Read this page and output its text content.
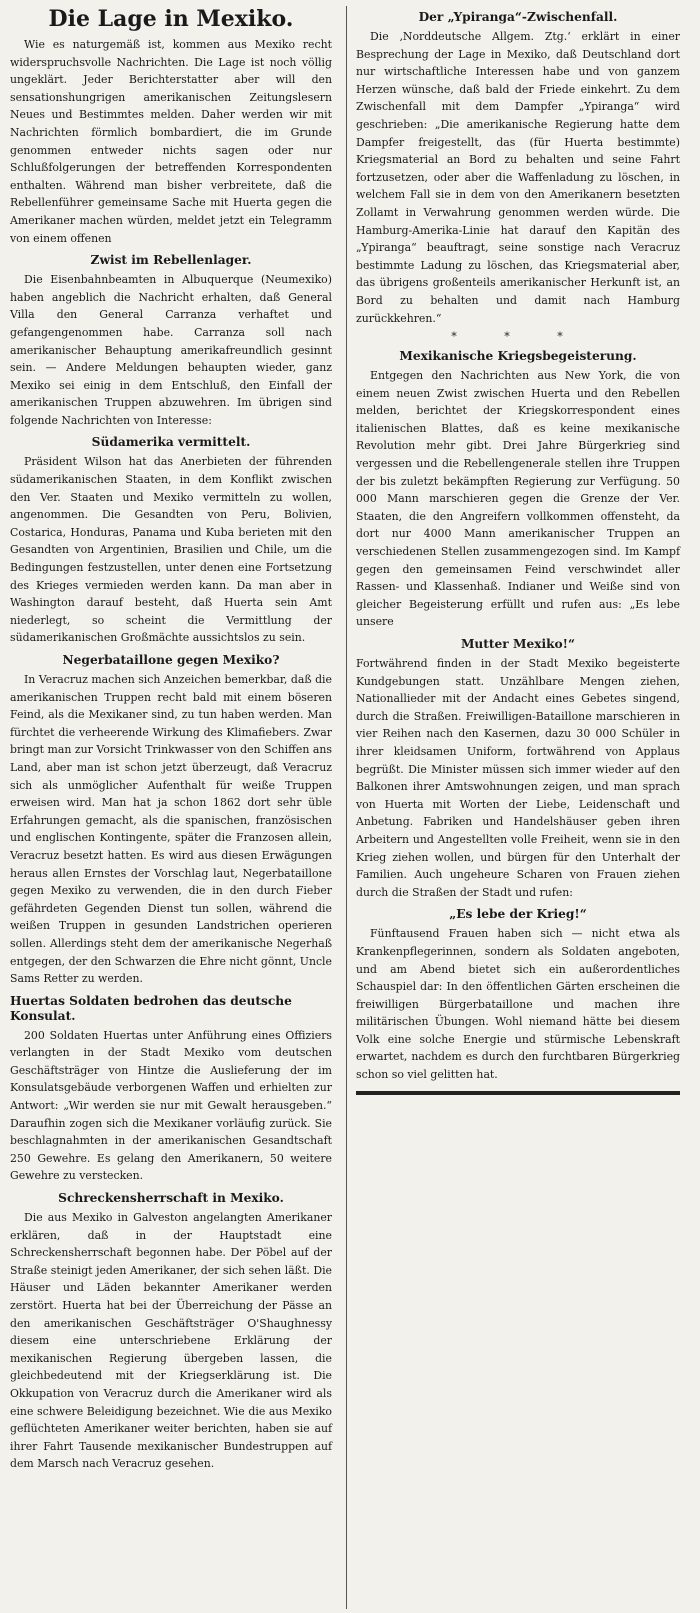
Die Lage in Mexiko.

Wie es naturgemäß ist, kommen aus Mexiko recht widerspruchsvolle Nachrichten. Die Lage ist noch völlig ungeklärt. Jeder Berichterstatter aber will den sensationshungrigen amerikanischen Zeitungslesern Neues und Bestimmtes melden. Daher werden wir mit Nachrichten förmlich bombardiert, die im Grunde genommen entweder nichts sagen oder nur Schlußfolgerungen der betreffenden Korrespondenten enthalten. Während man bisher verbreitete, daß die Rebellenführer gemeinsame Sache mit Huerta gegen die Amerikaner machen würden, meldet jetzt ein Telegramm von einem offenen

Zwist im Rebellenlager.

Die Eisenbahnbeamten in Albuquerque (Neumexiko) haben angeblich die Nachricht erhalten, daß General Villa den General Carranza verhaftet und gefangengenommen habe. Carranza soll nach amerikanischer Behauptung amerikafreundlich gesinnt sein. — Andere Meldungen behaupten wieder, ganz Mexiko sei einig in dem Entschluß, den Einfall der amerikanischen Truppen abzuwehren. Im übrigen sind folgende Nachrichten von Interesse:

Südamerika vermittelt.

Präsident Wilson hat das Anerbieten der führenden südamerikanischen Staaten, in dem Konflikt zwischen den Ver. Staaten und Mexiko vermitteln zu wollen, angenommen. Die Gesandten von Peru, Bolivien, Costarica, Honduras, Panama und Kuba berieten mit den Gesandten von Argentinien, Brasilien und Chile, um die Bedingungen festzustellen, unter denen eine Fortsetzung des Krieges vermieden werden kann. Da man aber in Washington darauf besteht, daß Huerta sein Amt niederlegt, so scheint die Vermittlung der südamerikanischen Großmächte aussichtslos zu sein.

Negerbataillone gegen Mexiko?

In Veracruz machen sich Anzeichen bemerkbar, daß die amerikanischen Truppen recht bald mit einem böseren Feind, als die Mexikaner sind, zu tun haben werden. Man fürchtet die verheerende Wirkung des Klimafiebers. Zwar bringt man zur Vorsicht Trinkwasser von den Schiffen ans Land, aber man ist schon jetzt überzeugt, daß Veracruz sich als unmöglicher Aufenthalt für weiße Truppen erweisen wird. Man hat ja schon 1862 dort sehr üble Erfahrungen gemacht, als die spanischen, französischen und englischen Kontingente, später die Franzosen allein, Veracruz besetzt hatten. Es wird aus diesen Erwägungen heraus allen Ernstes der Vorschlag laut, Negerbataillone gegen Mexiko zu verwenden, die in den durch Fieber gefährdeten Gegenden Dienst tun sollen, während die weißen Truppen in gesunden Landstrichen operieren sollen. Allerdings steht dem der amerikanische Negerhaß entgegen, der den Schwarzen die Ehre nicht gönnt, Uncle Sams Retter zu werden.

Huertas Soldaten bedrohen das deutsche Konsulat.

200 Soldaten Huertas unter Anführung eines Offiziers verlangten in der Stadt Mexiko vom deutschen Geschäftsträger von Hintze die Auslieferung der im Konsulatsgebäude verborgenen Waffen und erhielten zur Antwort: „Wir werden sie nur mit Gewalt herausgeben.“ Daraufhin zogen sich die Mexikaner vorläufig zurück. Sie beschlagnahmten in der amerikanischen Gesandtschaft 250 Gewehre. Es gelang den Amerikanern, 50 weitere Gewehre zu verstecken.

Schreckensherrschaft in Mexiko.

Die aus Mexiko in Galveston angelangten Amerikaner erklären, daß in der Hauptstadt eine Schreckensherrschaft begonnen habe. Der Pöbel auf der Straße steinigt jeden Amerikaner, der sich sehen läßt. Die Häuser und Läden bekannter Amerikaner werden zerstört. Huerta hat bei der Überreichung der Pässe an den amerikanischen Geschäftsträger O'Shaughnessy diesem eine unterschriebene Erklärung der mexikanischen Regierung übergeben lassen, die gleichbedeutend mit der Kriegserklärung ist. Die Okkupation von Veracruz durch die Amerikaner wird als eine schwere Beleidigung bezeichnet. Wie die aus Mexiko geflüchteten Amerikaner weiter berichten, haben sie auf ihrer Fahrt Tausende mexikanischer Bundestruppen auf dem Marsch nach Veracruz gesehen.

Der „Ypiranga“-Zwischenfall.

Die ‚Norddeutsche Allgem. Ztg.‘ erklärt in einer Besprechung der Lage in Mexiko, daß Deutschland dort nur wirtschaftliche Interessen habe und von ganzem Herzen wünsche, daß bald der Friede einkehrt. Zu dem Zwischenfall mit dem Dampfer „Ypiranga“ wird geschrieben: „Die amerikanische Regierung hatte dem Dampfer freigestellt, das (für Huerta bestimmte) Kriegsmaterial an Bord zu behalten und seine Fahrt fortzusetzen, oder aber die Waffenladung zu löschen, in welchem Fall sie in dem von den Amerikanern besetzten Zollamt in Verwahrung genommen werden würde. Die Hamburg-Amerika-Linie hat darauf den Kapitän des „Ypiranga“ beauftragt, seine sonstige nach Veracruz bestimmte Ladung zu löschen, das Kriegsmaterial aber, das übrigens großenteils amerikanischer Herkunft ist, an Bord zu behalten und damit nach Hamburg zurückkehren.“

* * *
Mexikanische Kriegsbegeisterung.

Entgegen den Nachrichten aus New York, die von einem neuen Zwist zwischen Huerta und den Rebellen melden, berichtet der Kriegskorrespondent eines italienischen Blattes, daß es keine mexikanische Revolution mehr gibt. Drei Jahre Bürgerkrieg sind vergessen und die Rebellengenerale stellen ihre Truppen der bis zuletzt bekämpften Regierung zur Verfügung. 50 000 Mann marschieren gegen die Grenze der Ver. Staaten, die den Angreifern vollkommen offensteht, da dort nur 4000 Mann amerikanischer Truppen an verschiedenen Stellen zusammengezogen sind. Im Kampf gegen den gemeinsamen Feind verschwindet aller Rassen- und Klassenhaß. Indianer und Weiße sind von gleicher Begeisterung erfüllt und rufen aus: „Es lebe unsere

Mutter Mexiko!“

Fortwährend finden in der Stadt Mexiko begeisterte Kundgebungen statt. Unzählbare Mengen ziehen, Nationallieder mit der Andacht eines Gebetes singend, durch die Straßen. Freiwilligen-Bataillone marschieren in vier Reihen nach den Kasernen, dazu 30 000 Schüler in ihrer kleidsamen Uniform, fortwährend von Applaus begrüßt. Die Minister müssen sich immer wieder auf den Balkonen ihrer Amtswohnungen zeigen, und man sprach von Huerta mit Worten der Liebe, Leidenschaft und Anbetung. Fabriken und Handelshäuser geben ihren Arbeitern und Angestellten volle Freiheit, wenn sie in den Krieg ziehen wollen, und bürgen für den Unterhalt der Familien. Auch ungeheure Scharen von Frauen ziehen durch die Straßen der Stadt und rufen:

„Es lebe der Krieg!“

Fünftausend Frauen haben sich — nicht etwa als Krankenpflegerinnen, sondern als Soldaten angeboten, und am Abend bietet sich ein außerordentliches Schauspiel dar: In den öffentlichen Gärten erscheinen die freiwilligen Bürgerbataillone und machen ihre militärischen Übungen. Wohl niemand hätte bei diesem Volk eine solche Energie und stürmische Lebenskraft erwartet, nachdem es durch den furchtbaren Bürgerkrieg schon so viel gelitten hat.
